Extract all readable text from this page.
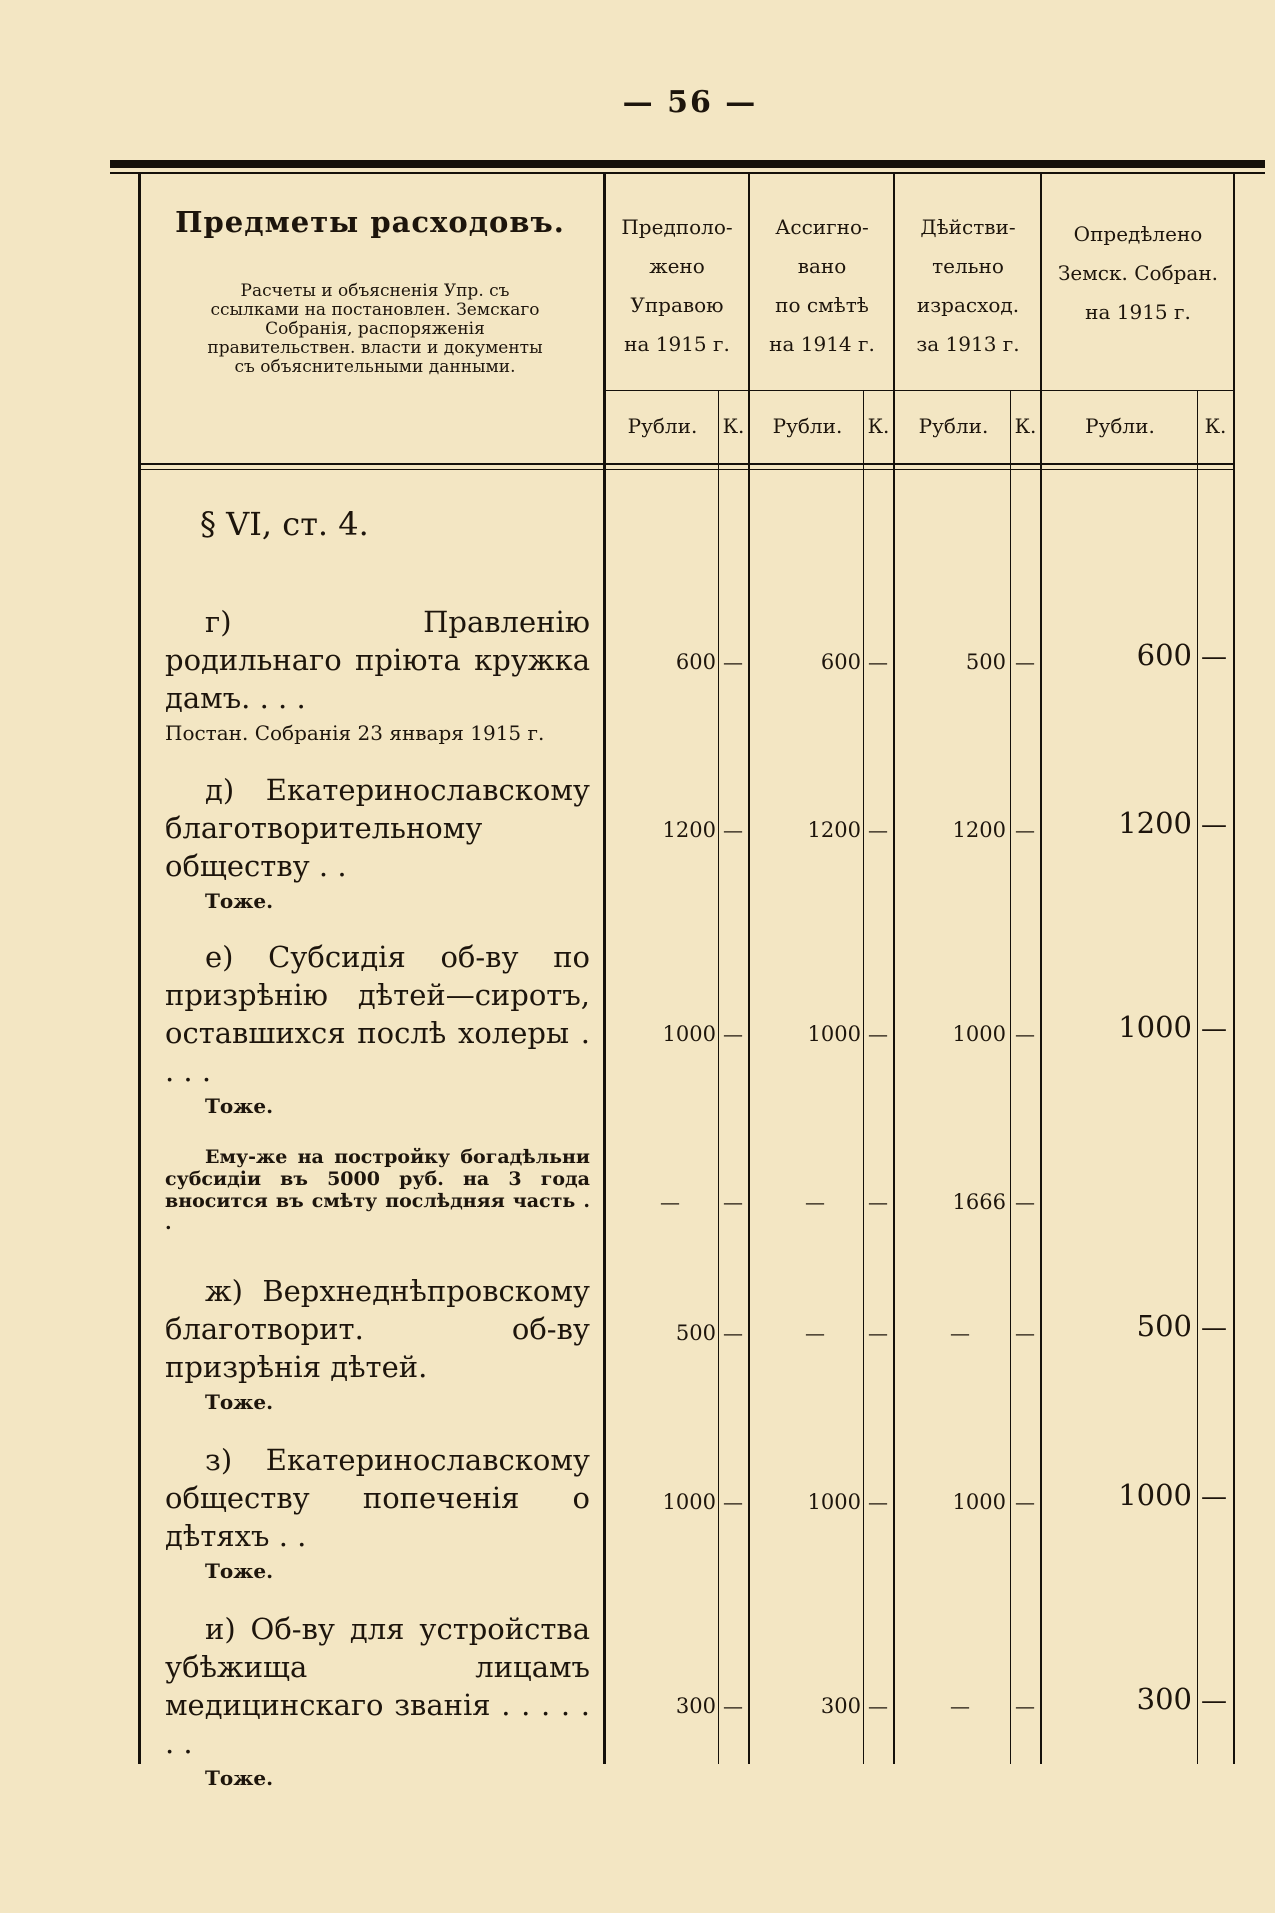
— 56 —
Предметы расходовъ.
Расчеты и объясненія Упр. съ ссылками на постановлен. Земскаго Собранія, распоряженія правительствен. власти и документы съ объяснительными данными.
Предполо-
жено
Управою
на 1915 г.
Ассигно-
вано
по смѣтѣ
на 1914 г.
Дѣйстви-
тельно
израсход.
за 1913 г.
Опредѣлено
Земск. Собран.
на 1915 г.
Рубли.	К.	Рубли.	К.	Рубли.	К.	Рубли.	К.
§ VI, ст. 4.
г) Правленію родильнаго пріюта кружка дамъ. . . .
Постан. Собранія 23 января 1915 г.
600 —	600 —	500 —	600 —
д) Екатеринославскому благотворительному обществу . .
Тоже.
1200 —	1200 —	1200 —	1200 —
е) Субсидія об-ву по призрѣнію дѣтей—сиротъ, оставшихся послѣ холеры . . . .
Тоже.
1000 —	1000 —	1000 —	1000 —
Ему-же на постройку богадѣльни субсидіи въ 5000 руб. на 3 года вносится въ смѣту послѣдняя часть . .
— —	— —	1666 —
ж) Верхнеднѣпровскому благотворит. об-ву призрѣнія дѣтей.
Тоже.
500 —	— —	— —	500 —
з) Екатеринославскому обществу попеченія о дѣтяхъ . .
Тоже.
1000 —	1000 —	1000 —	1000 —
и) Об-ву для устройства убѣжища лицамъ медицинскаго званія . . . . . . .
Тоже.
300 —	300 —	— —	300 —
